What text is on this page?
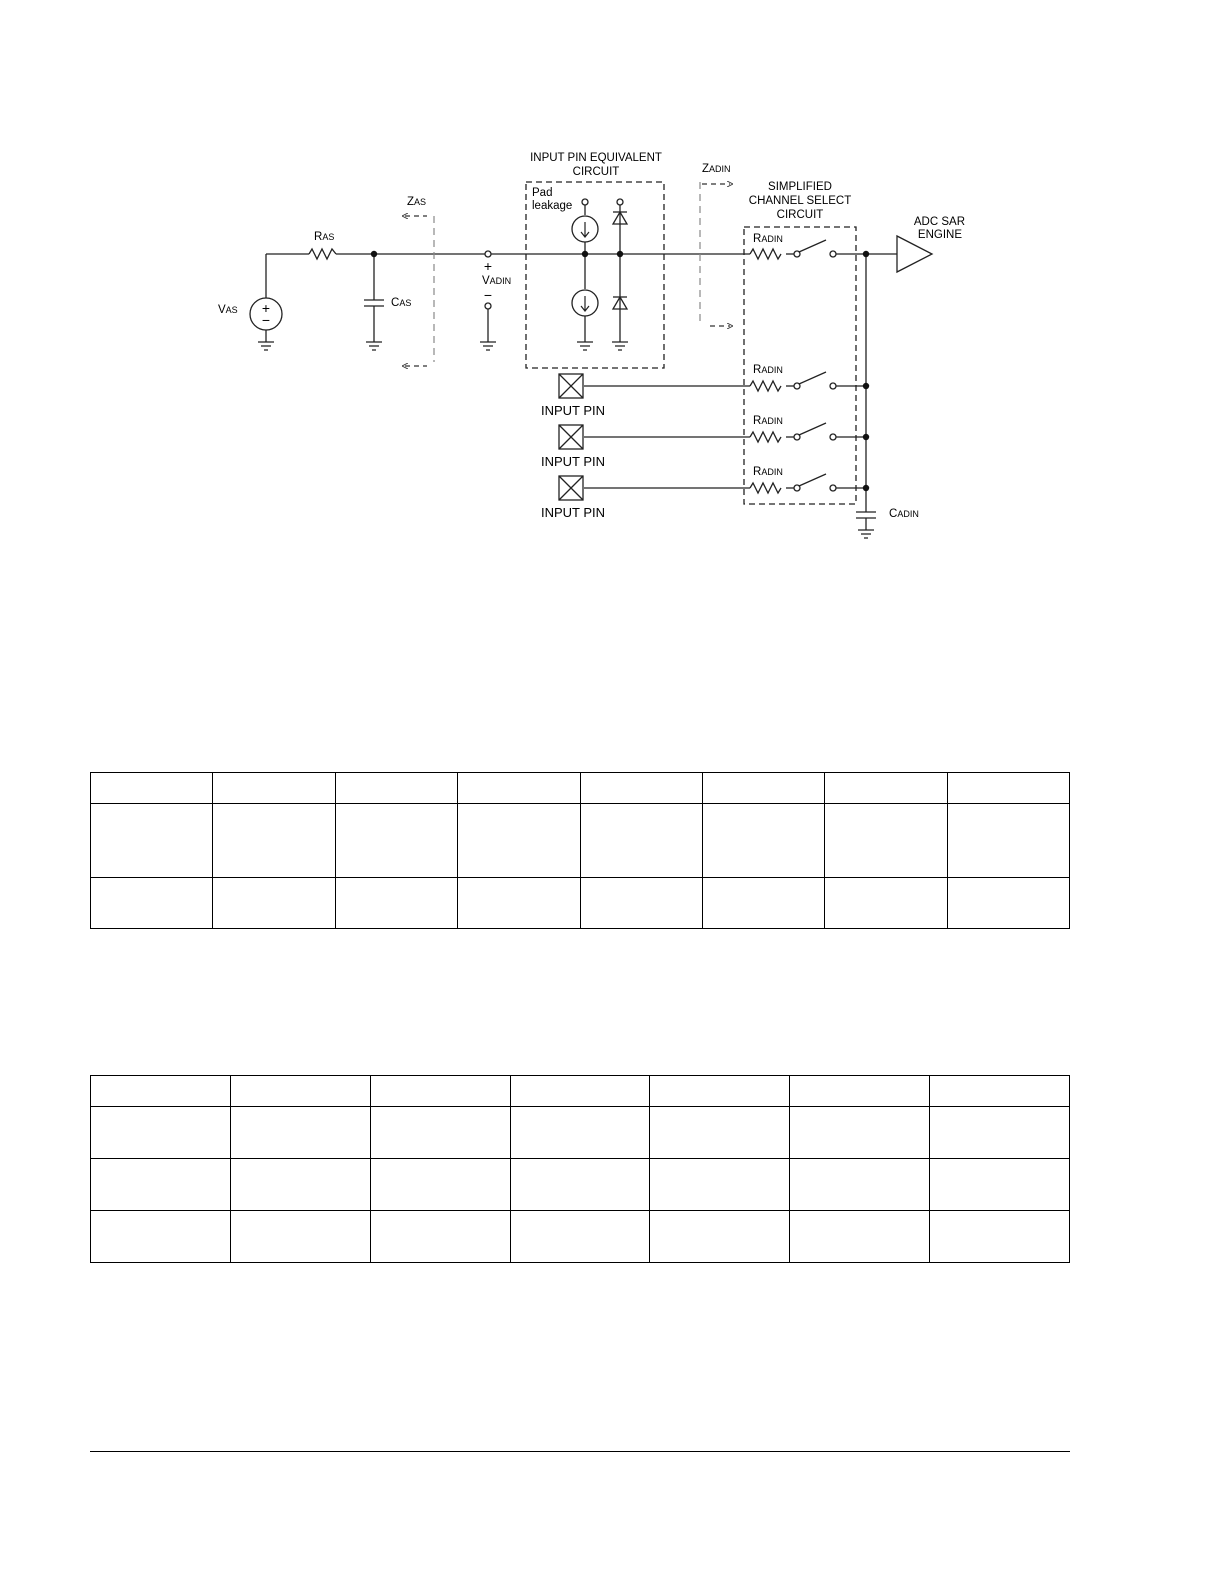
INPUT PIN EQUIVALENT
CIRCUIT
Pad
leakage
SIMPLIFIED
CHANNEL SELECT
CIRCUIT
ADC SAR
ENGINE
RAS
CAS
VAS
ZAS
ZADIN
VADIN
RADIN
RADIN
RADIN
RADIN
CADIN
+
−
+
−
INPUT PIN
INPUT PIN
INPUT PIN
